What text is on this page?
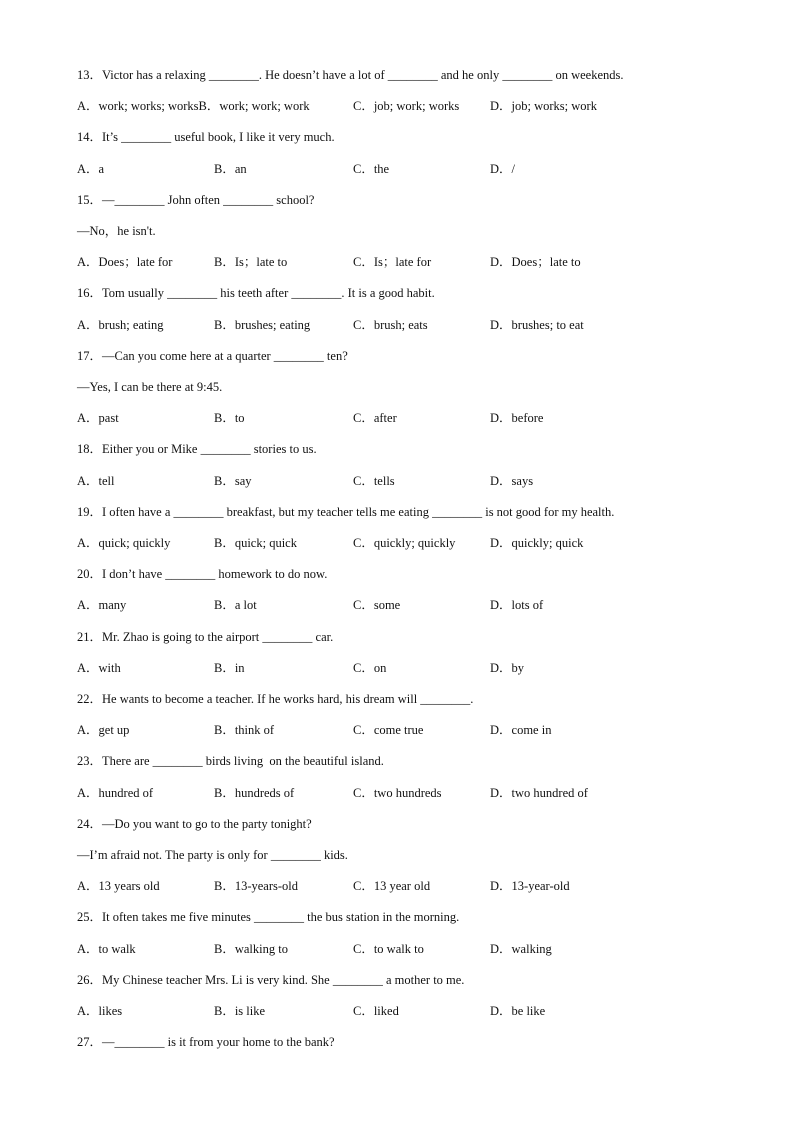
13．Victor has a relaxing ________. He doesn’t have a lot of ________ and he only ________ on weekends.
A．work; works; worksB．work; work; work	C．job; work; works D．job; works; work
14．It’s ________ useful book, I like it very much.
A．a	B．an	C．the	D．/
15．—________ John often ________ school?
—No，he isn't.
A．Does；late for	B．Is；late to	C．Is；late for	D．Does；late to
16．Tom usually ________ his teeth after ________. It is a good habit.
A．brush; eating	B．brushes; eating	C．brush; eats	D．brushes; to eat
17．—Can you come here at a quarter ________ ten?
—Yes, I can be there at 9:45.
A．past	B．to	C．after	D．before
18．Either you or Mike ________ stories to us.
A．tell	B．say	C．tells	D．says
19．I often have a ________ breakfast, but my teacher tells me eating ________ is not good for my health.
A．quick; quickly	B．quick; quick	C．quickly; quickly	D．quickly; quick
20．I don’t have ________ homework to do now.
A．many	B．a lot	C．some	D．lots of
21．Mr. Zhao is going to the airport ________ car.
A．with	B．in	C．on	D．by
22．He wants to become a teacher. If he works hard, his dream will ________.
A．get up	B．think of	C．come true	D．come in
23．There are ________ birds living  on the beautiful island.
A．hundred of	B．hundreds of	C．two hundreds	D．two hundred of
24．—Do you want to go to the party tonight?
—I’m afraid not. The party is only for ________ kids.
A．13 years old	B．13-years-old	C．13 year old	D．13-year-old
25．It often takes me five minutes ________ the bus station in the morning.
A．to walk	B．walking to	C．to walk to	D．walking
26．My Chinese teacher Mrs. Li is very kind. She ________ a mother to me.
A．likes	B．is like	C．liked	D．be like
27．—________ is it from your home to the bank?
